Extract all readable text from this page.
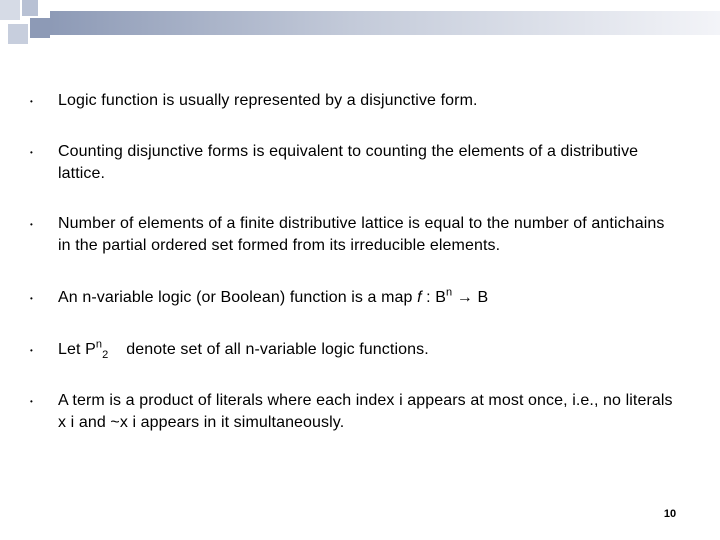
• Logic function is usually represented by a disjunctive form.
• Counting disjunctive forms is equivalent to counting the elements of a distributive lattice.
• Number of elements of a finite distributive lattice is equal to the number of antichains in the partial ordered set formed from its irreducible elements.
• An n-variable logic (or Boolean) function is a map f : $B^n \to B$
• Let $P^n_2$ denote set of all n-variable logic functions.
• A term is a product of literals where each index i appears at most once, i.e., no literals x i and ~x i appears in it simultaneously.
10
